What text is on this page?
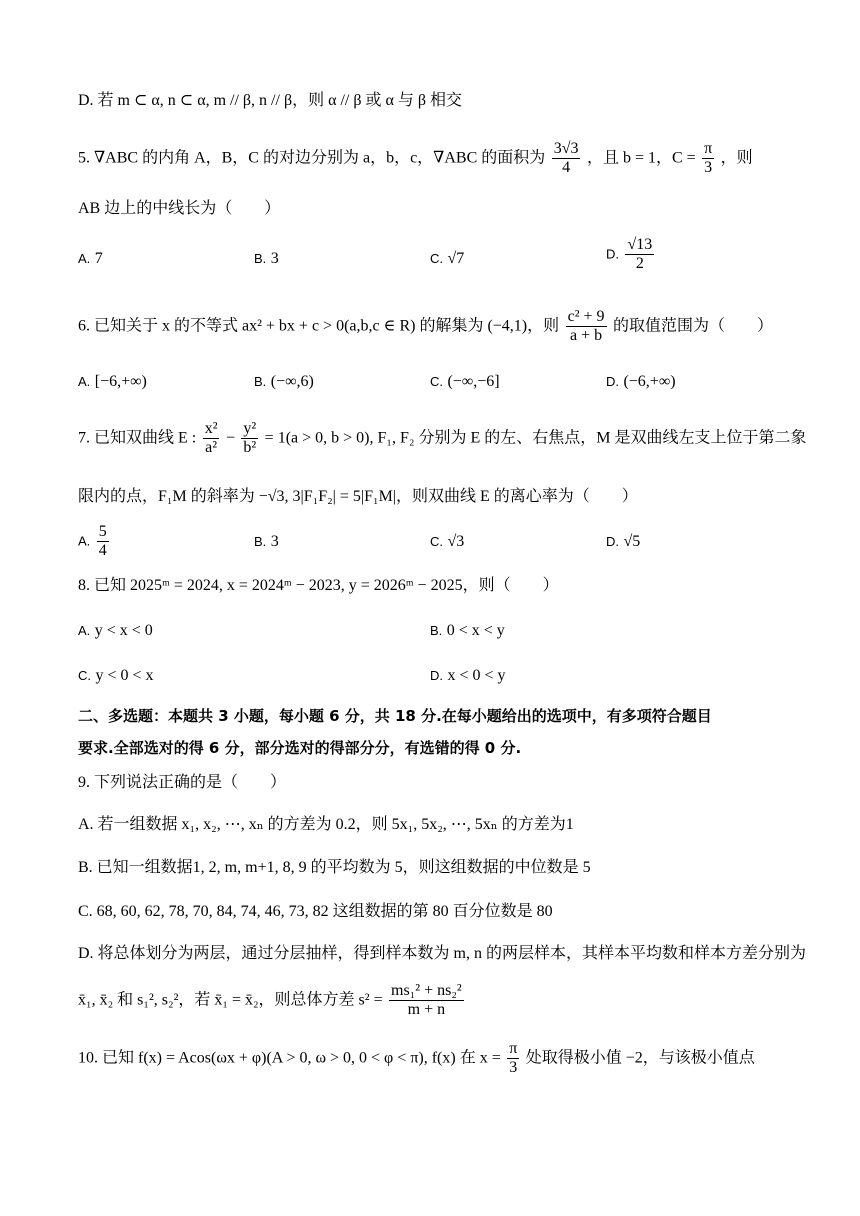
D. 若 m ⊂ α, n ⊂ α, m // β, n // β，则 α // β 或 α 与 β 相交
5. ∇ABC 的内角 A，B，C 的对边分别为 a，b，c，∇ABC 的面积为 $\frac{3√3}{4}$ ，且 b = 1，$C = \frac{\pi}{3}$ ，则
AB 边上的中线长为（　　）
A. 7	B. 3	C. √7	D. $\frac{√13}{2}$
6. 已知关于 x 的不等式 ax² + bx + c > 0(a,b,c ∈ R) 的解集为 (−4,1)，则 $\frac{\text{c² + 9}}{a + b}$ 的取值范围为（　　）
A. [−6,+∞)	B. (−∞,6)	C. (−∞,−6]	D. (−6,+∞)
7. 已知双曲线 E : $\frac{\text{x²}}{\text{a²}} - \frac{\text{y²}}{\text{b²}} = 1(a > 0$, b > 0), F₁, F₂ 分别为 E 的左、右焦点，M 是双曲线左支上位于第二象
限内的点，F₁M 的斜率为 −√3, 3|F₁F₂| = 5|F₁M|，则双曲线 E 的离心率为（　　）
A. $\frac{5}{4}$	B. 3	C. √3	D. √5
8. 已知 2025ᵐ = 2024, x = 2024ᵐ − 2023, y = 2026ᵐ − 2025，则（　　）
A. y < x < 0	B. 0 < x < y
C. y < 0 < x	D. x < 0 < y
二、多选题：本题共 3 小题，每小题 6 分，共 18 分.在每小题给出的选项中，有多项符合题目
要求.全部选对的得 6 分，部分选对的得部分分，有选错的得 0 分.
9. 下列说法正确的是（　　）
A. 若一组数据 x₁, x₂, ⋯, xₙ 的方差为 0.2，则 5x₁, 5x₂, ⋯, 5xₙ 的方差为1
B. 已知一组数据1, 2, m, m+1, 8, 9 的平均数为 5，则这组数据的中位数是 5
C. 68, 60, 62, 78, 70, 84, 74, 46, 73, 82 这组数据的第 80 百分位数是 80
D. 将总体划分为两层，通过分层抽样，得到样本数为 m, n 的两层样本，其样本平均数和样本方差分别为
x̄₁, x̄₂ 和 s₁², s₂²，若 x̄₁ = x̄₂，则总体方差 $s^2 = \frac{\text{ms₁² + ns₂²}}{m + n}$
10. 已知 f(x) = Acos(ωx + φ)(A > 0, ω > 0, 0 < φ < π), f(x) 在 $x = \frac{\pi}{3}$ 处取得极小值 −2，与该极小值点
